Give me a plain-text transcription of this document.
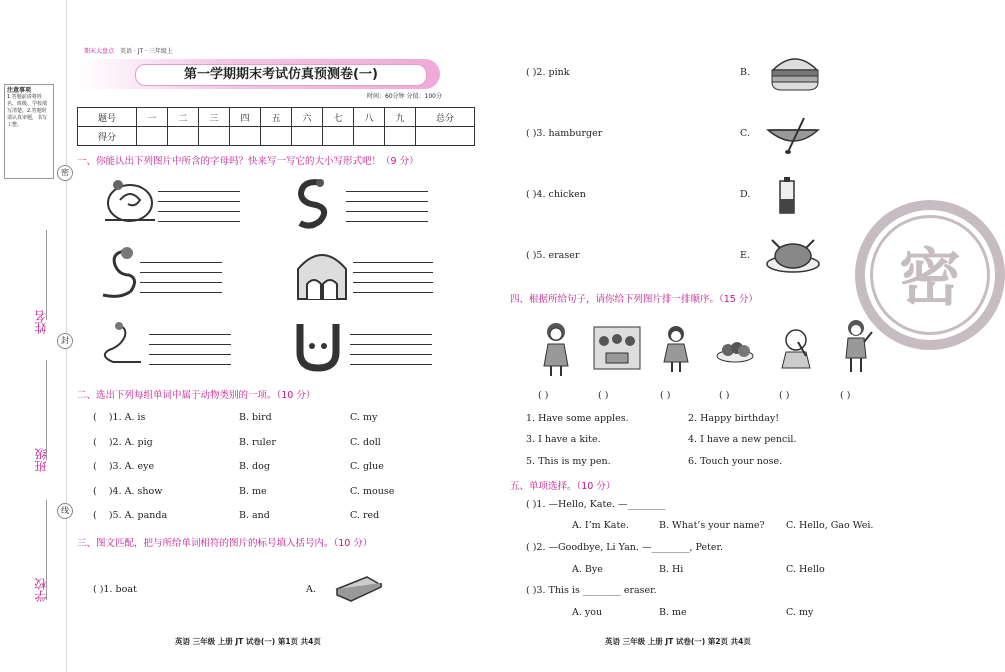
注意事项
1.答题前请将姓名、班级、学校填写清楚。2.答题时请认真审题，书写工整。
姓名
班级
学校
密
封
线
期末大盘点 英语 · JT · 三年级上
第一学期期末考试仿真预测卷(一)
时间：60分钟 分值：100分
题号	一	二	三	四	五	六	七	八	九	总分
得分										
一、你能认出下列图片中所含的字母吗？快来写一写它的大小写形式吧！（9 分）
二、选出下列每组单词中属于动物类别的一项。（10 分）
( )1. A. is	B. bird	C. my
( )2. A. pig	B. ruler	C. doll
( )3. A. eye	B. dog	C. glue
( )4. A. show	B. me	C. mouse
( )5. A. panda	B. and	C. red
三、图文匹配，把与所给单词相符的图片的标号填入括号内。（10 分）
( )1. boat	A.
( )2. pink	B.
( )3. hamburger	C.
( )4. chicken	D.
( )5. eraser	E.	密
四、根据所给句子，请你给下列图片排一排顺序。（15 分）
( )	( )	( )	( )	( )	( )
1. Have some apples.	2. Happy birthday!
3. I have a kite.	4. I have a new pencil.
5. This is my pen.	6. Touch your nose.
五、单项选择。（10 分）
( )1. —Hello, Kate. —________
A. I’m Kate.	B. What’s your name? C. Hello, Gao Wei.
( )2. —Goodbye, Li Yan. —________, Peter.
A. Bye	B. Hi	C. Hello
( )3. This is ________ eraser.
A. you	B. me	C. my
英语 三年级 上册 JT 试卷(一) 第1页 共4页	英语 三年级 上册 JT 试卷(一) 第2页 共4页
